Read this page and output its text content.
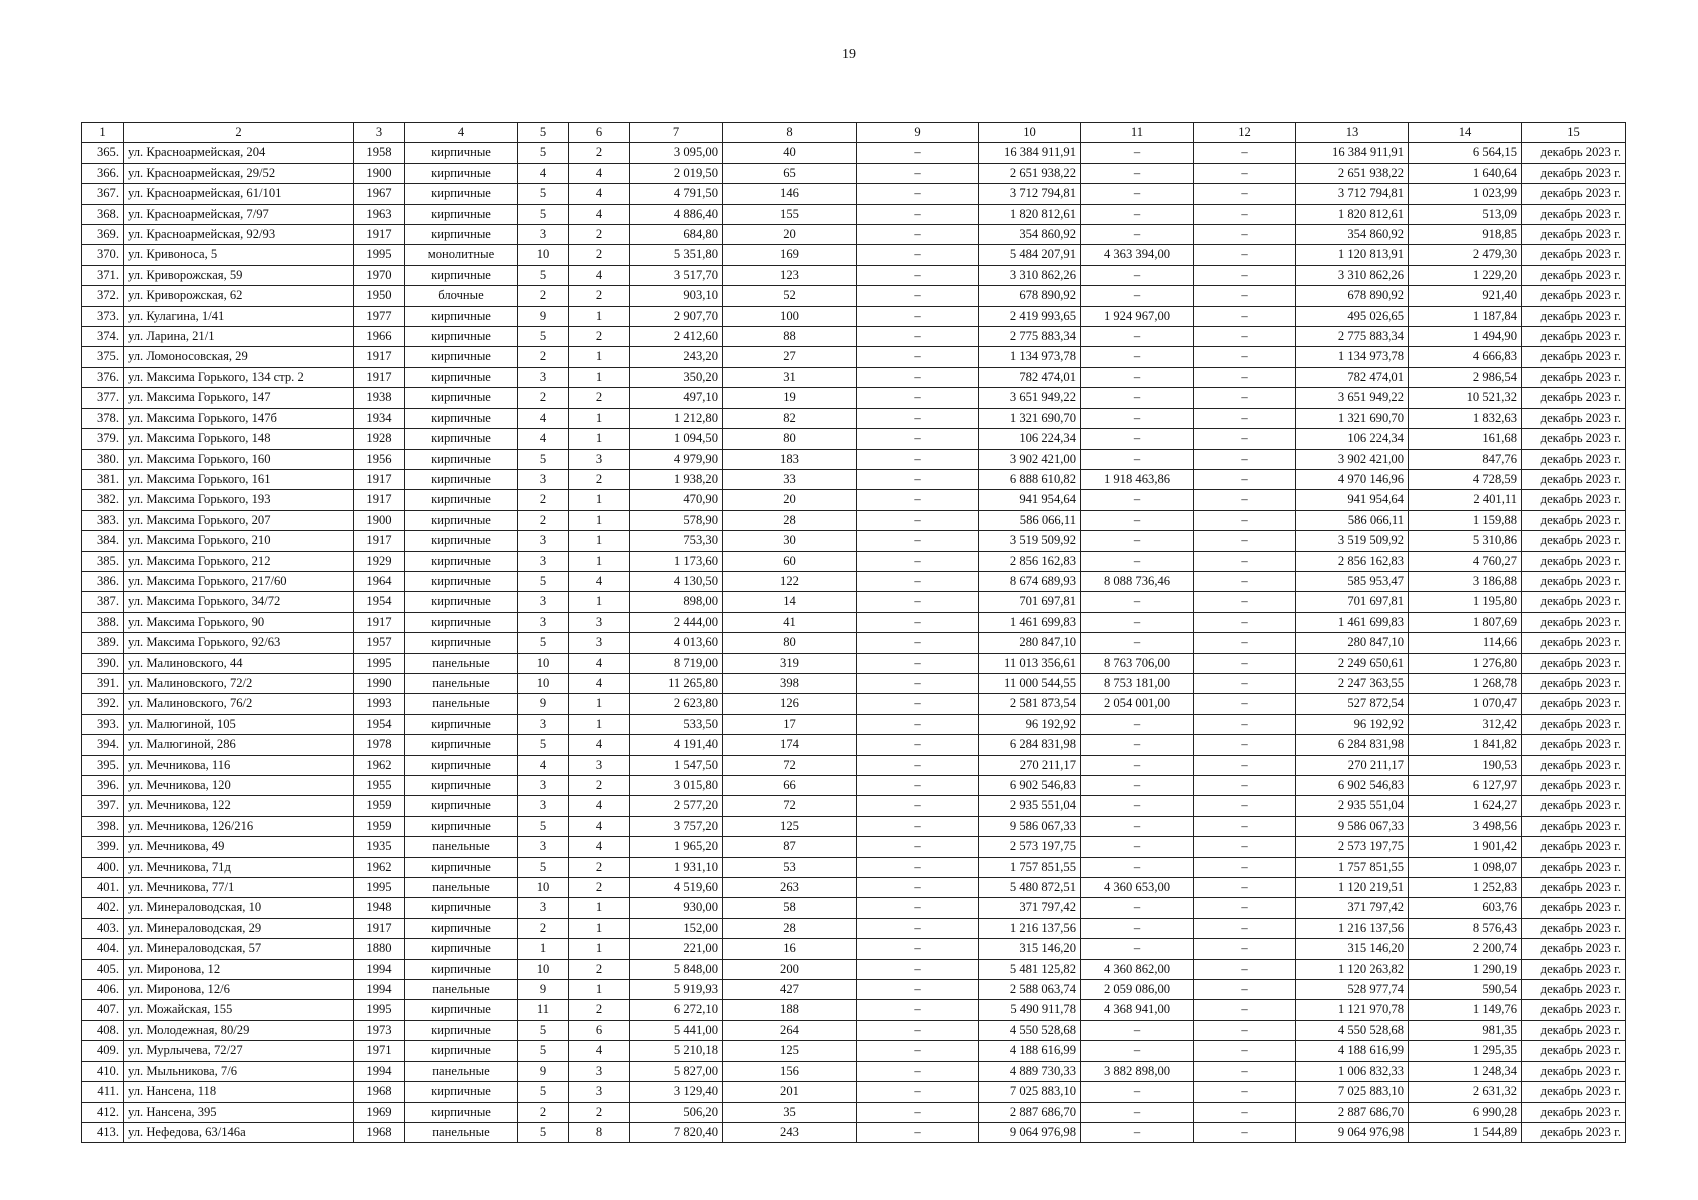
19
1	2	3	4	5	6	7	8	9	10	11	12	13	14	15
365.	ул. Красноармейская, 204	1958	кирпичные	5	2	3 095,00	40	–	16 384 911,91	–	–	16 384 911,91	6 564,15	декабрь 2023 г.
366.	ул. Красноармейская, 29/52	1900	кирпичные	4	4	2 019,50	65	–	2 651 938,22	–	–	2 651 938,22	1 640,64	декабрь 2023 г.
367.	ул. Красноармейская, 61/101	1967	кирпичные	5	4	4 791,50	146	–	3 712 794,81	–	–	3 712 794,81	1 023,99	декабрь 2023 г.
368.	ул. Красноармейская, 7/97	1963	кирпичные	5	4	4 886,40	155	–	1 820 812,61	–	–	1 820 812,61	513,09	декабрь 2023 г.
369.	ул. Красноармейская, 92/93	1917	кирпичные	3	2	684,80	20	–	354 860,92	–	–	354 860,92	918,85	декабрь 2023 г.
370.	ул. Кривоноса, 5	1995	монолитные	10	2	5 351,80	169	–	5 484 207,91	4 363 394,00	–	1 120 813,91	2 479,30	декабрь 2023 г.
371.	ул. Криворожская, 59	1970	кирпичные	5	4	3 517,70	123	–	3 310 862,26	–	–	3 310 862,26	1 229,20	декабрь 2023 г.
372.	ул. Криворожская, 62	1950	блочные	2	2	903,10	52	–	678 890,92	–	–	678 890,92	921,40	декабрь 2023 г.
373.	ул. Кулагина, 1/41	1977	кирпичные	9	1	2 907,70	100	–	2 419 993,65	1 924 967,00	–	495 026,65	1 187,84	декабрь 2023 г.
374.	ул. Ларина, 21/1	1966	кирпичные	5	2	2 412,60	88	–	2 775 883,34	–	–	2 775 883,34	1 494,90	декабрь 2023 г.
375.	ул. Ломоносовская, 29	1917	кирпичные	2	1	243,20	27	–	1 134 973,78	–	–	1 134 973,78	4 666,83	декабрь 2023 г.
376.	ул. Максима Горького, 134 стр. 2	1917	кирпичные	3	1	350,20	31	–	782 474,01	–	–	782 474,01	2 986,54	декабрь 2023 г.
377.	ул. Максима Горького, 147	1938	кирпичные	2	2	497,10	19	–	3 651 949,22	–	–	3 651 949,22	10 521,32	декабрь 2023 г.
378.	ул. Максима Горького, 147б	1934	кирпичные	4	1	1 212,80	82	–	1 321 690,70	–	–	1 321 690,70	1 832,63	декабрь 2023 г.
379.	ул. Максима Горького, 148	1928	кирпичные	4	1	1 094,50	80	–	106 224,34	–	–	106 224,34	161,68	декабрь 2023 г.
380.	ул. Максима Горького, 160	1956	кирпичные	5	3	4 979,90	183	–	3 902 421,00	–	–	3 902 421,00	847,76	декабрь 2023 г.
381.	ул. Максима Горького, 161	1917	кирпичные	3	2	1 938,20	33	–	6 888 610,82	1 918 463,86	–	4 970 146,96	4 728,59	декабрь 2023 г.
382.	ул. Максима Горького, 193	1917	кирпичные	2	1	470,90	20	–	941 954,64	–	–	941 954,64	2 401,11	декабрь 2023 г.
383.	ул. Максима Горького, 207	1900	кирпичные	2	1	578,90	28	–	586 066,11	–	–	586 066,11	1 159,88	декабрь 2023 г.
384.	ул. Максима Горького, 210	1917	кирпичные	3	1	753,30	30	–	3 519 509,92	–	–	3 519 509,92	5 310,86	декабрь 2023 г.
385.	ул. Максима Горького, 212	1929	кирпичные	3	1	1 173,60	60	–	2 856 162,83	–	–	2 856 162,83	4 760,27	декабрь 2023 г.
386.	ул. Максима Горького, 217/60	1964	кирпичные	5	4	4 130,50	122	–	8 674 689,93	8 088 736,46	–	585 953,47	3 186,88	декабрь 2023 г.
387.	ул. Максима Горького, 34/72	1954	кирпичные	3	1	898,00	14	–	701 697,81	–	–	701 697,81	1 195,80	декабрь 2023 г.
388.	ул. Максима Горького, 90	1917	кирпичные	3	3	2 444,00	41	–	1 461 699,83	–	–	1 461 699,83	1 807,69	декабрь 2023 г.
389.	ул. Максима Горького, 92/63	1957	кирпичные	5	3	4 013,60	80	–	280 847,10	–	–	280 847,10	114,66	декабрь 2023 г.
390.	ул. Малиновского, 44	1995	панельные	10	4	8 719,00	319	–	11 013 356,61	8 763 706,00	–	2 249 650,61	1 276,80	декабрь 2023 г.
391.	ул. Малиновского, 72/2	1990	панельные	10	4	11 265,80	398	–	11 000 544,55	8 753 181,00	–	2 247 363,55	1 268,78	декабрь 2023 г.
392.	ул. Малиновского, 76/2	1993	панельные	9	1	2 623,80	126	–	2 581 873,54	2 054 001,00	–	527 872,54	1 070,47	декабрь 2023 г.
393.	ул. Малюгиной, 105	1954	кирпичные	3	1	533,50	17	–	96 192,92	–	–	96 192,92	312,42	декабрь 2023 г.
394.	ул. Малюгиной, 286	1978	кирпичные	5	4	4 191,40	174	–	6 284 831,98	–	–	6 284 831,98	1 841,82	декабрь 2023 г.
395.	ул. Мечникова, 116	1962	кирпичные	4	3	1 547,50	72	–	270 211,17	–	–	270 211,17	190,53	декабрь 2023 г.
396.	ул. Мечникова, 120	1955	кирпичные	3	2	3 015,80	66	–	6 902 546,83	–	–	6 902 546,83	6 127,97	декабрь 2023 г.
397.	ул. Мечникова, 122	1959	кирпичные	3	4	2 577,20	72	–	2 935 551,04	–	–	2 935 551,04	1 624,27	декабрь 2023 г.
398.	ул. Мечникова, 126/216	1959	кирпичные	5	4	3 757,20	125	–	9 586 067,33	–	–	9 586 067,33	3 498,56	декабрь 2023 г.
399.	ул. Мечникова, 49	1935	панельные	3	4	1 965,20	87	–	2 573 197,75	–	–	2 573 197,75	1 901,42	декабрь 2023 г.
400.	ул. Мечникова, 71д	1962	кирпичные	5	2	1 931,10	53	–	1 757 851,55	–	–	1 757 851,55	1 098,07	декабрь 2023 г.
401.	ул. Мечникова, 77/1	1995	панельные	10	2	4 519,60	263	–	5 480 872,51	4 360 653,00	–	1 120 219,51	1 252,83	декабрь 2023 г.
402.	ул. Минераловодская, 10	1948	кирпичные	3	1	930,00	58	–	371 797,42	–	–	371 797,42	603,76	декабрь 2023 г.
403.	ул. Минераловодская, 29	1917	кирпичные	2	1	152,00	28	–	1 216 137,56	–	–	1 216 137,56	8 576,43	декабрь 2023 г.
404.	ул. Минераловодская, 57	1880	кирпичные	1	1	221,00	16	–	315 146,20	–	–	315 146,20	2 200,74	декабрь 2023 г.
405.	ул. Миронова, 12	1994	кирпичные	10	2	5 848,00	200	–	5 481 125,82	4 360 862,00	–	1 120 263,82	1 290,19	декабрь 2023 г.
406.	ул. Миронова, 12/6	1994	панельные	9	1	5 919,93	427	–	2 588 063,74	2 059 086,00	–	528 977,74	590,54	декабрь 2023 г.
407.	ул. Можайская, 155	1995	кирпичные	11	2	6 272,10	188	–	5 490 911,78	4 368 941,00	–	1 121 970,78	1 149,76	декабрь 2023 г.
408.	ул. Молодежная, 80/29	1973	кирпичные	5	6	5 441,00	264	–	4 550 528,68	–	–	4 550 528,68	981,35	декабрь 2023 г.
409.	ул. Мурлычева, 72/27	1971	кирпичные	5	4	5 210,18	125	–	4 188 616,99	–	–	4 188 616,99	1 295,35	декабрь 2023 г.
410.	ул. Мыльникова, 7/6	1994	панельные	9	3	5 827,00	156	–	4 889 730,33	3 882 898,00	–	1 006 832,33	1 248,34	декабрь 2023 г.
411.	ул. Нансена, 118	1968	кирпичные	5	3	3 129,40	201	–	7 025 883,10	–	–	7 025 883,10	2 631,32	декабрь 2023 г.
412.	ул. Нансена, 395	1969	кирпичные	2	2	506,20	35	–	2 887 686,70	–	–	2 887 686,70	6 990,28	декабрь 2023 г.
413.	ул. Нефедова, 63/146а	1968	панельные	5	8	7 820,40	243	–	9 064 976,98	–	–	9 064 976,98	1 544,89	декабрь 2023 г.
